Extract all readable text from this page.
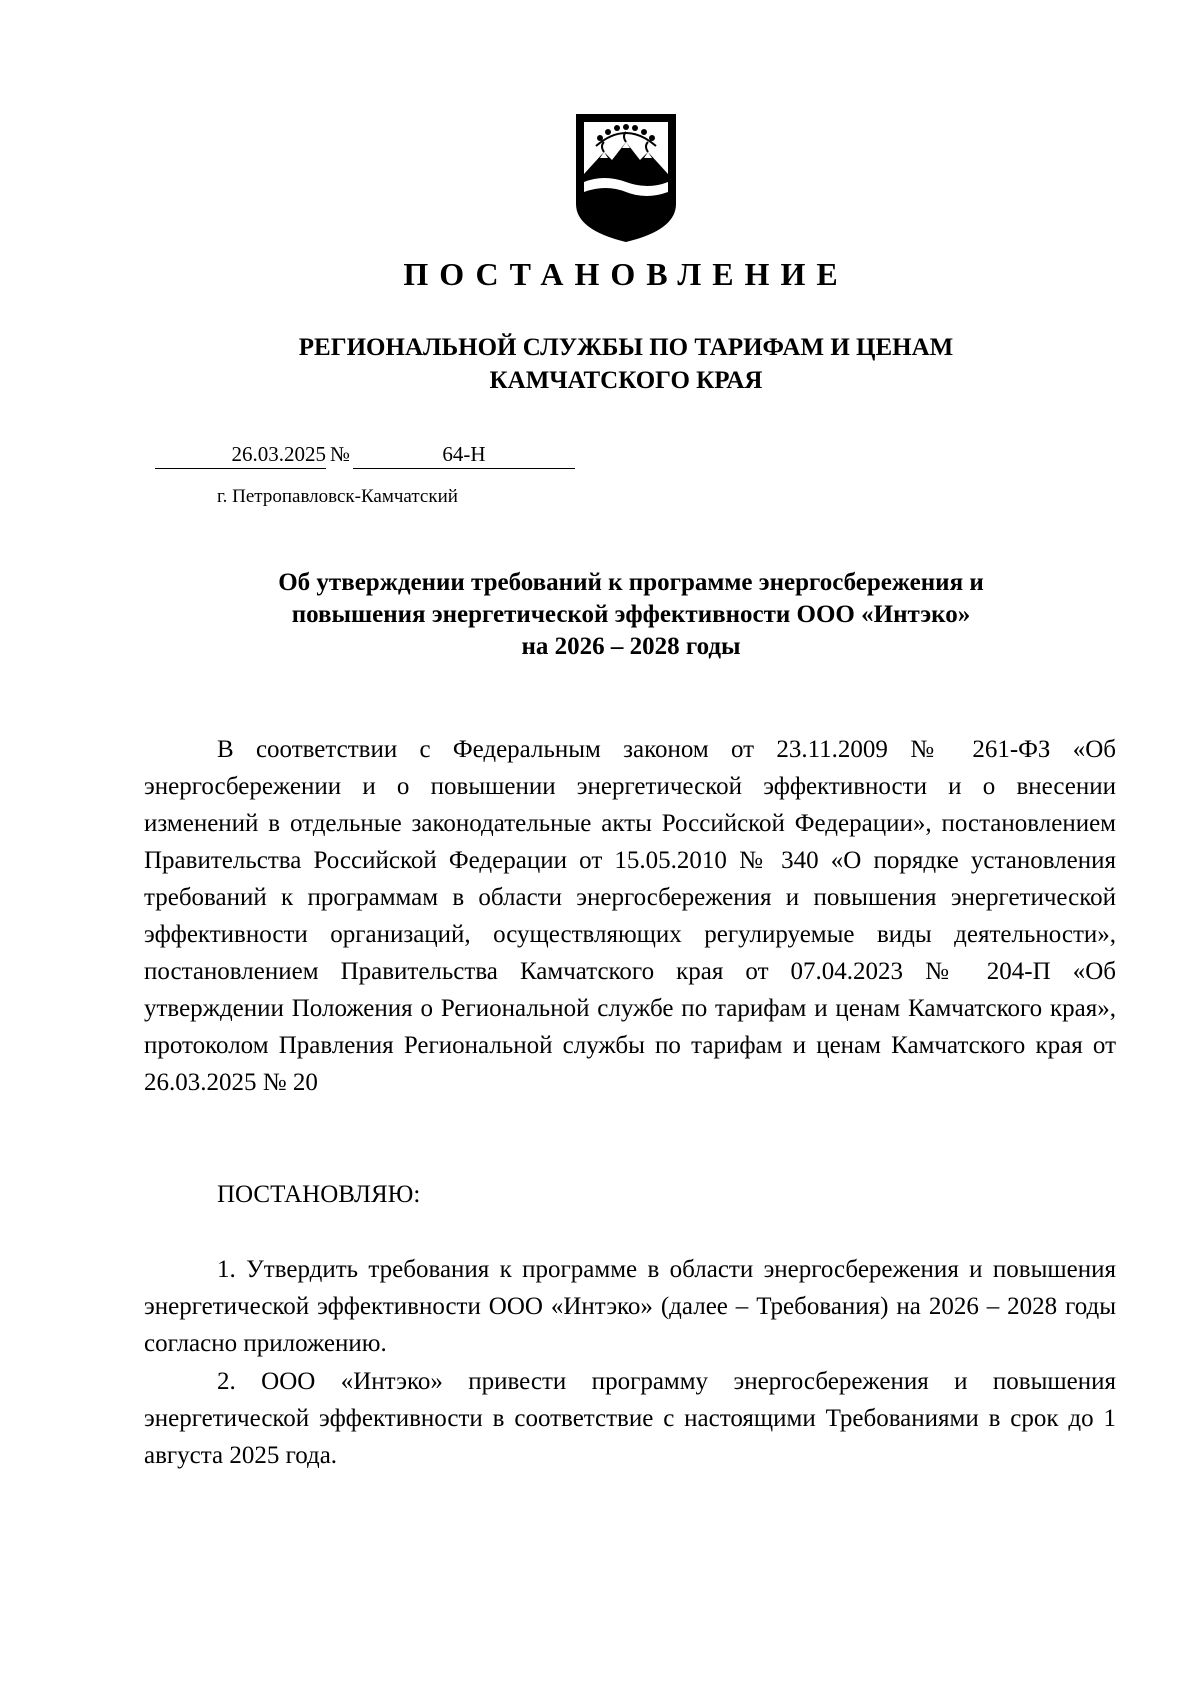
ПОСТАНОВЛЕНИЕ
РЕГИОНАЛЬНОЙ СЛУЖБЫ ПО ТАРИФАМ И ЦЕНАМ
КАМЧАТСКОГО КРАЯ
26.03.2025 №	64-Н
г. Петропавловск-Камчатский
Об утверждении требований к программе энергосбережения и
повышения энергетической эффективности ООО «Интэко»
на 2026 – 2028 годы

В соответствии с Федеральным законом от 23.11.2009 № 261-ФЗ «Об энергосбережении и о повышении энергетической эффективности и о внесении изменений в отдельные законодательные акты Российской Федерации», постановлением Правительства Российской Федерации от 15.05.2010 № 340 «О порядке установления требований к программам в области энергосбережения и повышения энергетической эффективности организаций, осуществляющих регулируемые виды деятельности», постановлением Правительства Камчатского края от 07.04.2023 № 204-П «Об утверждении Положения о Региональной службе по тарифам и ценам Камчатского края», протоколом Правления Региональной службы по тарифам и ценам Камчатского края от 26.03.2025 № 20

ПОСТАНОВЛЯЮ:

1. Утвердить требования к программе в области энергосбережения и повышения энергетической эффективности ООО «Интэко» (далее – Требования) на 2026 – 2028 годы согласно приложению.

2. ООО «Интэко» привести программу энергосбережения и повышения энергетической эффективности в соответствие с настоящими Требованиями в срок до 1 августа 2025 года.
